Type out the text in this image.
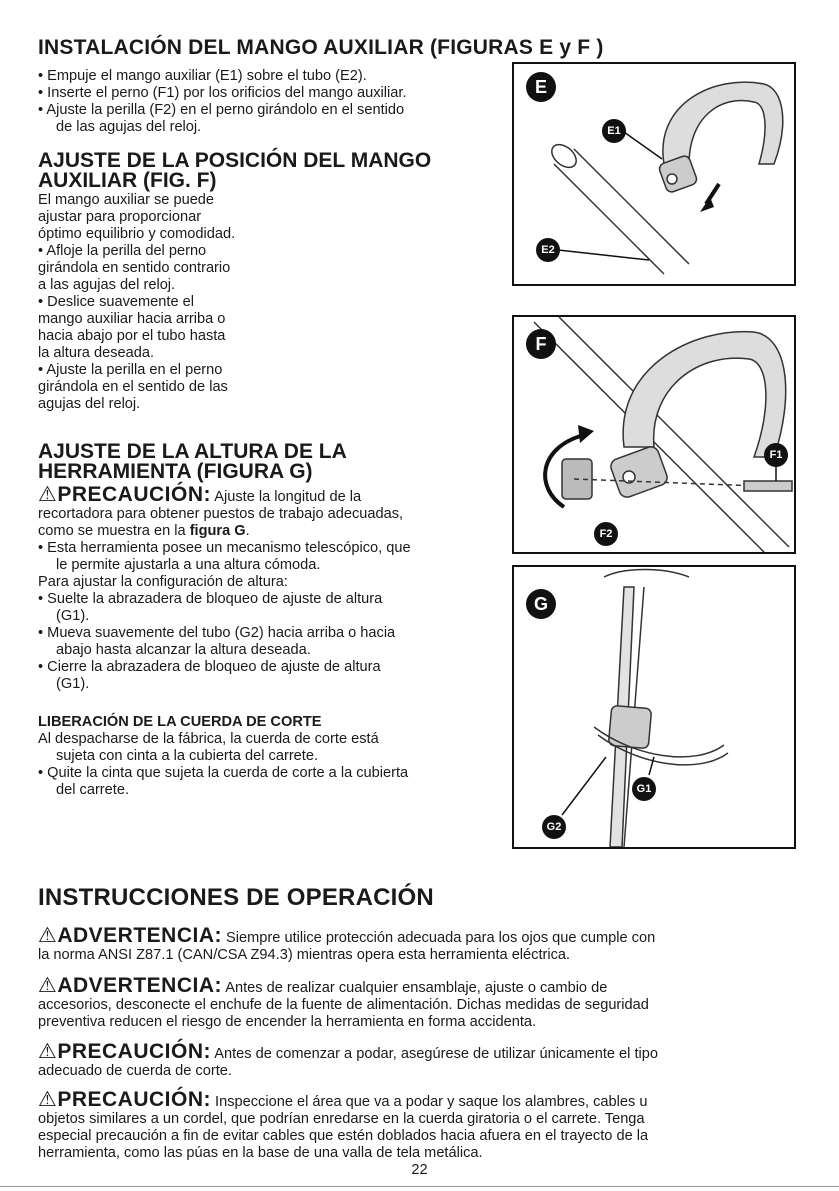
INSTALACIÓN DEL MANGO AUXILIAR (FIGURAS E y F )
• Empuje el mango auxiliar (E1) sobre el tubo (E2).
• Inserte el perno (F1) por los orificios del mango auxiliar.
• Ajuste la perilla (F2) en el perno girándolo en el sentido
de las agujas del reloj.
AJUSTE DE LA POSICIÓN DEL MANGO
AUXILIAR (FIG. F)
El mango auxiliar se puede
ajustar para proporcionar
óptimo equilibrio y comodidad.
• Afloje la perilla del perno
girándola en sentido contrario
a las agujas del reloj.
• Deslice suavemente el
mango auxiliar hacia arriba o
hacia abajo por el tubo hasta
la altura deseada.
• Ajuste la perilla en el perno
girándola en el sentido de las
agujas del reloj.
AJUSTE DE LA ALTURA DE LA
HERRAMIENTA (FIGURA G)
⚠PRECAUCIÓN: Ajuste la longitud de la
recortadora para obtener puestos de trabajo adecuadas,
como se muestra en la figura G.
• Esta herramienta posee un mecanismo telescópico, que
le permite ajustarla a una altura cómoda.
Para ajustar la configuración de altura:
• Suelte la abrazadera de bloqueo de ajuste de altura
(G1).
• Mueva suavemente del tubo (G2) hacia arriba o hacia
abajo hasta alcanzar la altura deseada.
• Cierre la abrazadera de bloqueo de ajuste de altura
(G1).
LIBERACIÓN DE LA CUERDA DE CORTE
Al despacharse de la fábrica, la cuerda de corte está
sujeta con cinta a la cubierta del carrete.
• Quite la cinta que sujeta la cuerda de corte a la cubierta
del carrete.
E
E1
E2
F
F1
F2
G
G1
G2
INSTRUCCIONES DE OPERACIÓN
⚠ADVERTENCIA: Siempre utilice protección adecuada para los ojos que cumple con
la norma ANSI Z87.1 (CAN/CSA Z94.3) mientras opera esta herramienta eléctrica.
⚠ADVERTENCIA: Antes de realizar cualquier ensamblaje, ajuste o cambio de
accesorios, desconecte el enchufe de la fuente de alimentación. Dichas medidas de seguridad
preventiva reducen el riesgo de encender la herramienta en forma accidenta.
⚠PRECAUCIÓN: Antes de comenzar a podar, asegúrese de utilizar únicamente el tipo
adecuado de cuerda de corte.
⚠PRECAUCIÓN: Inspeccione el área que va a podar y saque los alambres, cables u
objetos similares a un cordel, que podrían enredarse en la cuerda giratoria o el carrete. Tenga
especial precaución a fin de evitar cables que estén doblados hacia afuera en el trayecto de la
herramienta, como las púas en la base de una valla de tela metálica.
22
